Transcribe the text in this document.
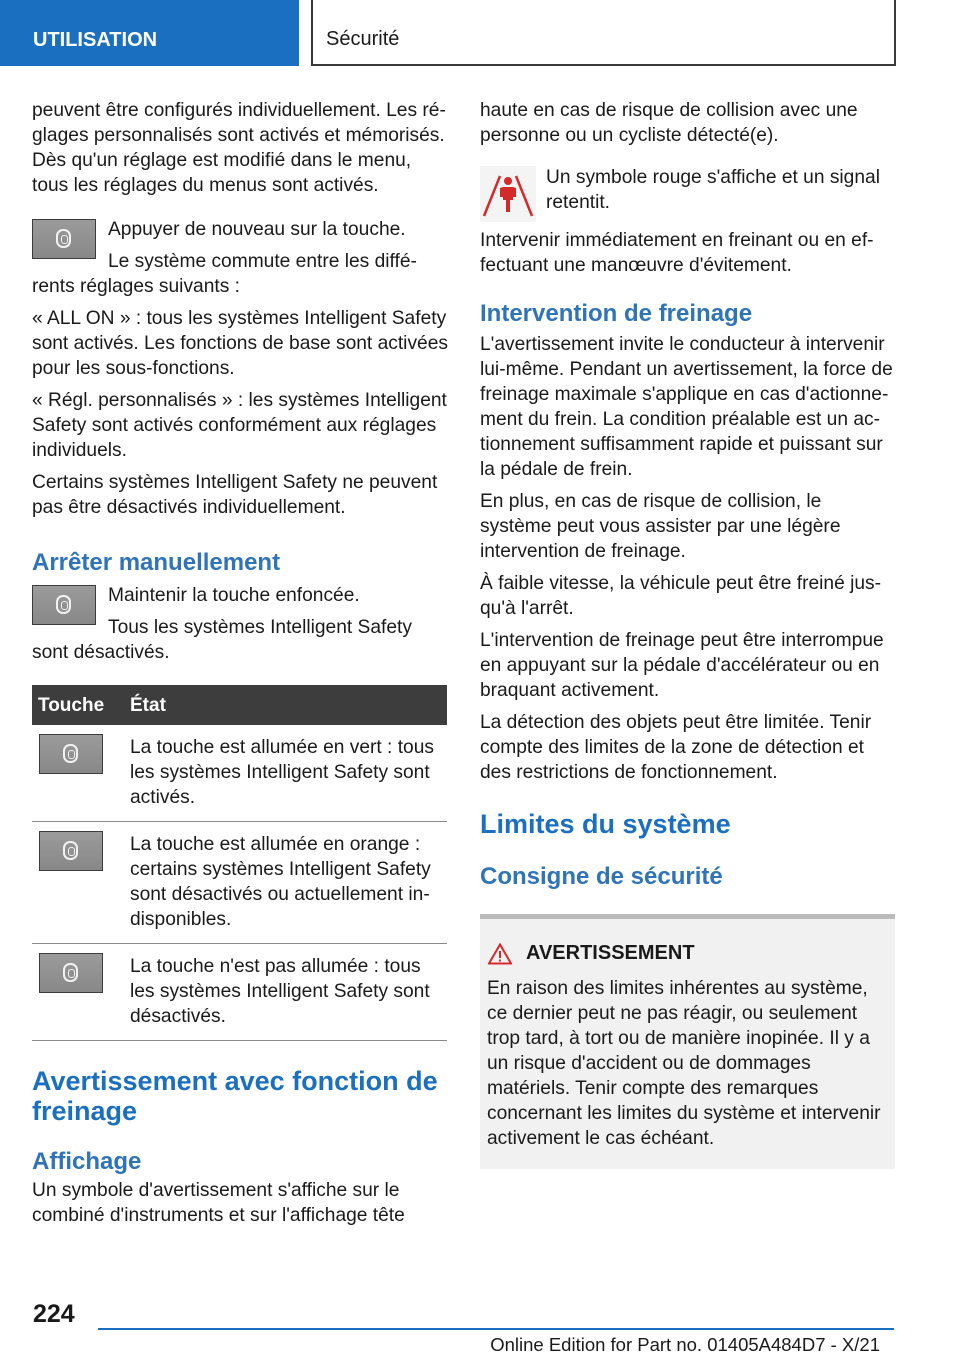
UTILISATION	Sécurité

peuvent être configurés individuellement. Les réglages personnalisés sont activés et mémorisés. Dès qu'un réglage est modifié dans le menu, tous les réglages du menus sont activés.

Appuyer de nouveau sur la touche.

Le système commute entre les différents réglages suivants :

« ALL ON » : tous les systèmes Intelligent Safety sont activés. Les fonctions de base sont activées pour les sous-fonctions.

« Régl. personnalisés » : les systèmes Intelligent Safety sont activés conformément aux réglages individuels.

Certains systèmes Intelligent Safety ne peuvent pas être désactivés individuellement.

Arrêter manuellement

Maintenir la touche enfoncée.

Tous les systèmes Intelligent Safety sont désactivés.

Touche	État

	La touche est allumée en vert : tous les systèmes Intelligent Safety sont activés.

	La touche est allumée en orange : certains systèmes Intelligent Safety sont désactivés ou actuellement indisponibles.

	La touche n'est pas allumée : tous les systèmes Intelligent Safety sont désactivés.
Avertissement avec fonction de freinage
Affichage

Un symbole d'avertissement s'affiche sur le combiné d'instruments et sur l'affichage tête

haute en cas de risque de collision avec une personne ou un cycliste détecté(e).

Un symbole rouge s'affiche et un signal retentit.

Intervenir immédiatement en freinant ou en effectuant une manœuvre d'évitement.

Intervention de freinage

L'avertissement invite le conducteur à intervenir lui-même. Pendant un avertissement, la force de freinage maximale s'applique en cas d'actionnement du frein. La condition préalable est un actionnement suffisamment rapide et puissant sur la pédale de frein.

En plus, en cas de risque de collision, le système peut vous assister par une légère intervention de freinage.

À faible vitesse, la véhicule peut être freiné jusqu'à l'arrêt.

L'intervention de freinage peut être interrompue en appuyant sur la pédale d'accélérateur ou en braquant activement.

La détection des objets peut être limitée. Tenir compte des limites de la zone de détection et des restrictions de fonctionnement.

Limites du système
Consigne de sécurité
AVERTISSEMENT

En raison des limites inhérentes au système, ce dernier peut ne pas réagir, ou seulement trop tard, à tort ou de manière inopinée. Il y a un risque d'accident ou de dommages matériels. Tenir compte des remarques concernant les limites du système et intervenir activement le cas échéant.

224
Online Edition for Part no. 01405A484D7 - X/21
